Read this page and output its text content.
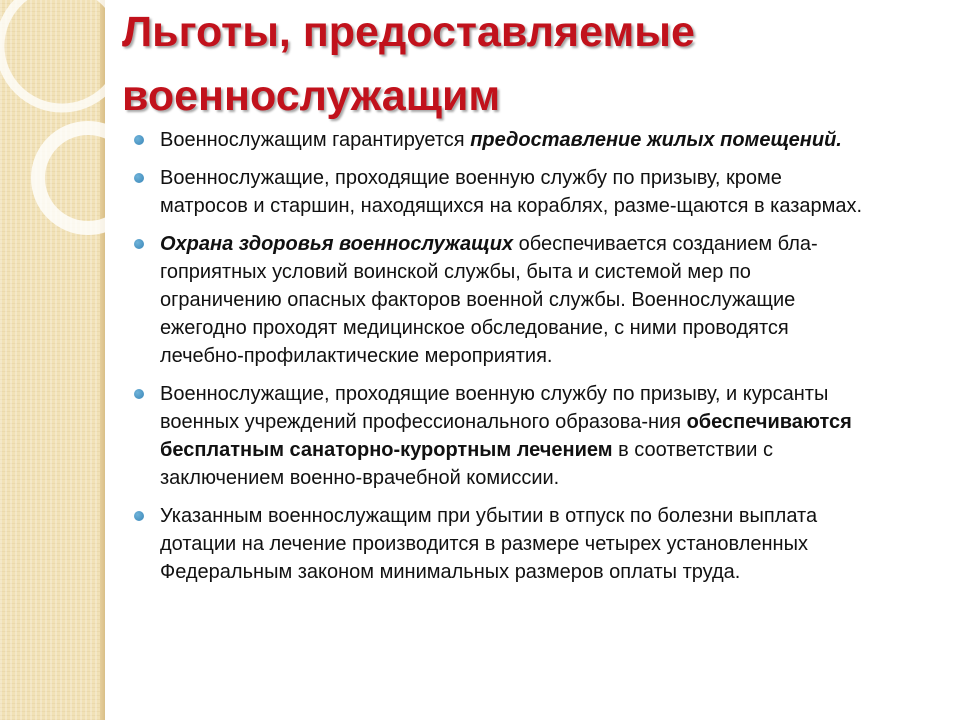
Льготы, предоставляемые военнослужащим
Военнослужащим гарантируется предоставление жилых помещений.
Военнослужащие, проходящие военную службу по призыву, кроме матросов и старшин, находящихся на кораблях, разме-щаются в казармах.
Охрана здоровья военнослужащих обеспечивается созданием бла-гоприятных условий воинской службы, быта и системой мер по ограничению опасных факторов военной службы. Военнослужащие ежегодно проходят медицинское обследование, с ними проводятся лечебно-профилактические мероприятия.
Военнослужащие, проходящие военную службу по призыву, и курсанты военных учреждений профессионального образова-ния обеспечиваются бесплатным санаторно-курортным лечением в соответствии с заключением военно-врачебной комиссии.
Указанным военнослужащим при убытии в отпуск по болезни выплата дотации на лечение производится в размере четырех установленных Федеральным законом минимальных размеров оплаты труда.
